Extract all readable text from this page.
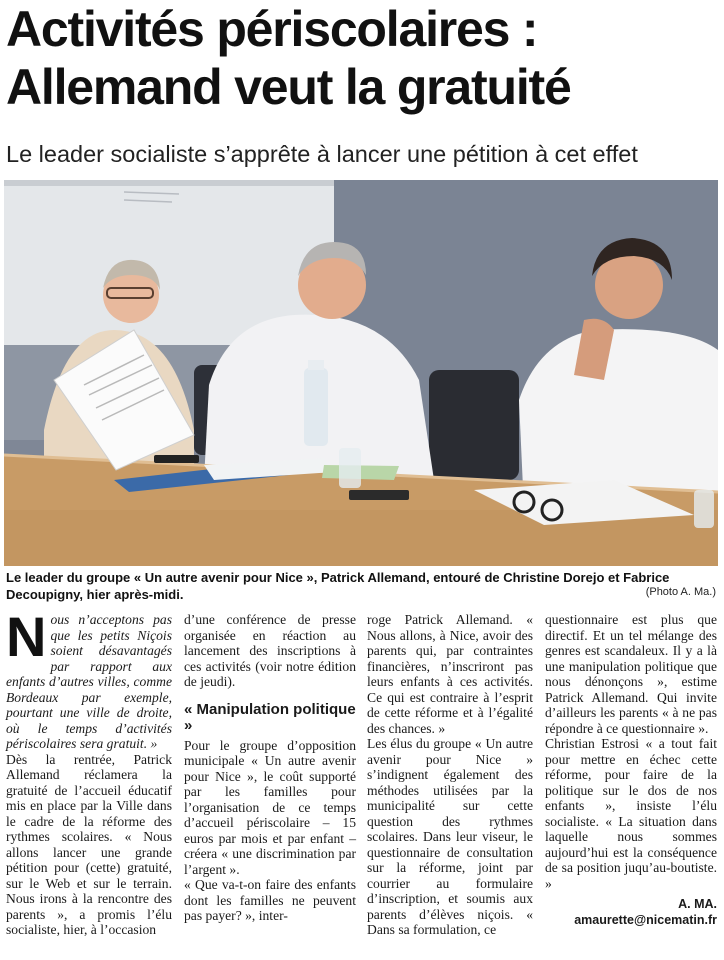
Activités périscolaires :
Allemand veut la gratuité

Le leader socialiste s’apprête à lancer une pétition à cet effet

Le leader du groupe « Un autre avenir pour Nice », Patrick Allemand, entouré de Christine Dorejo et Fabrice Decoupigny, hier après-midi.	(Photo A. Ma.)

Nous n’acceptons pas que les petits Niçois soient désavantagés par rapport aux enfants d’autres villes, comme Bordeaux par exemple, pourtant une ville de droite, où le temps d’activités périscolaires sera gratuit. »

Dès la rentrée, Patrick Allemand réclamera la gratuité de l’accueil éducatif mis en place par la Ville dans le cadre de la réforme des rythmes scolaires. « Nous allons lancer une grande pétition pour (cette) gratuité, sur le Web et sur le terrain. Nous irons à la rencontre des parents », a promis l’élu socialiste, hier, à l’occasion

d’une conférence de presse organisée en réaction au lancement des inscriptions à ces activités (voir notre édition de jeudi).

« Manipulation politique »

Pour le groupe d’opposition municipale « Un autre avenir pour Nice », le coût supporté par les familles pour l’organisation de ce temps d’accueil périscolaire – 15 euros par mois et par enfant – créera « une discrimination par l’argent ».

« Que va-t-on faire des enfants dont les familles ne peuvent pas payer? », inter-

roge Patrick Allemand. « Nous allons, à Nice, avoir des parents qui, par contraintes financières, n’inscriront pas leurs enfants à ces activités. Ce qui est contraire à l’esprit de cette réforme et à l’égalité des chances. »

Les élus du groupe « Un autre avenir pour Nice » s’indignent également des méthodes utilisées par la municipalité sur cette question des rythmes scolaires. Dans leur viseur, le questionnaire de consultation sur la réforme, joint par courrier au formulaire d’inscription, et soumis aux parents d’élèves niçois. « Dans sa formulation, ce

questionnaire est plus que directif. Et un tel mélange des genres est scandaleux. Il y a là une manipulation politique que nous dénonçons », estime Patrick Allemand. Qui invite d’ailleurs les parents « à ne pas répondre à ce questionnaire ».

Christian Estrosi « a tout fait pour mettre en échec cette réforme, pour faire de la politique sur le dos de nos enfants », insiste l’élu socialiste. « La situation dans laquelle nous sommes aujourd’hui est la conséquence de sa position juqu’au-boutiste. »

A. MA.

amaurette@nicematin.fr
